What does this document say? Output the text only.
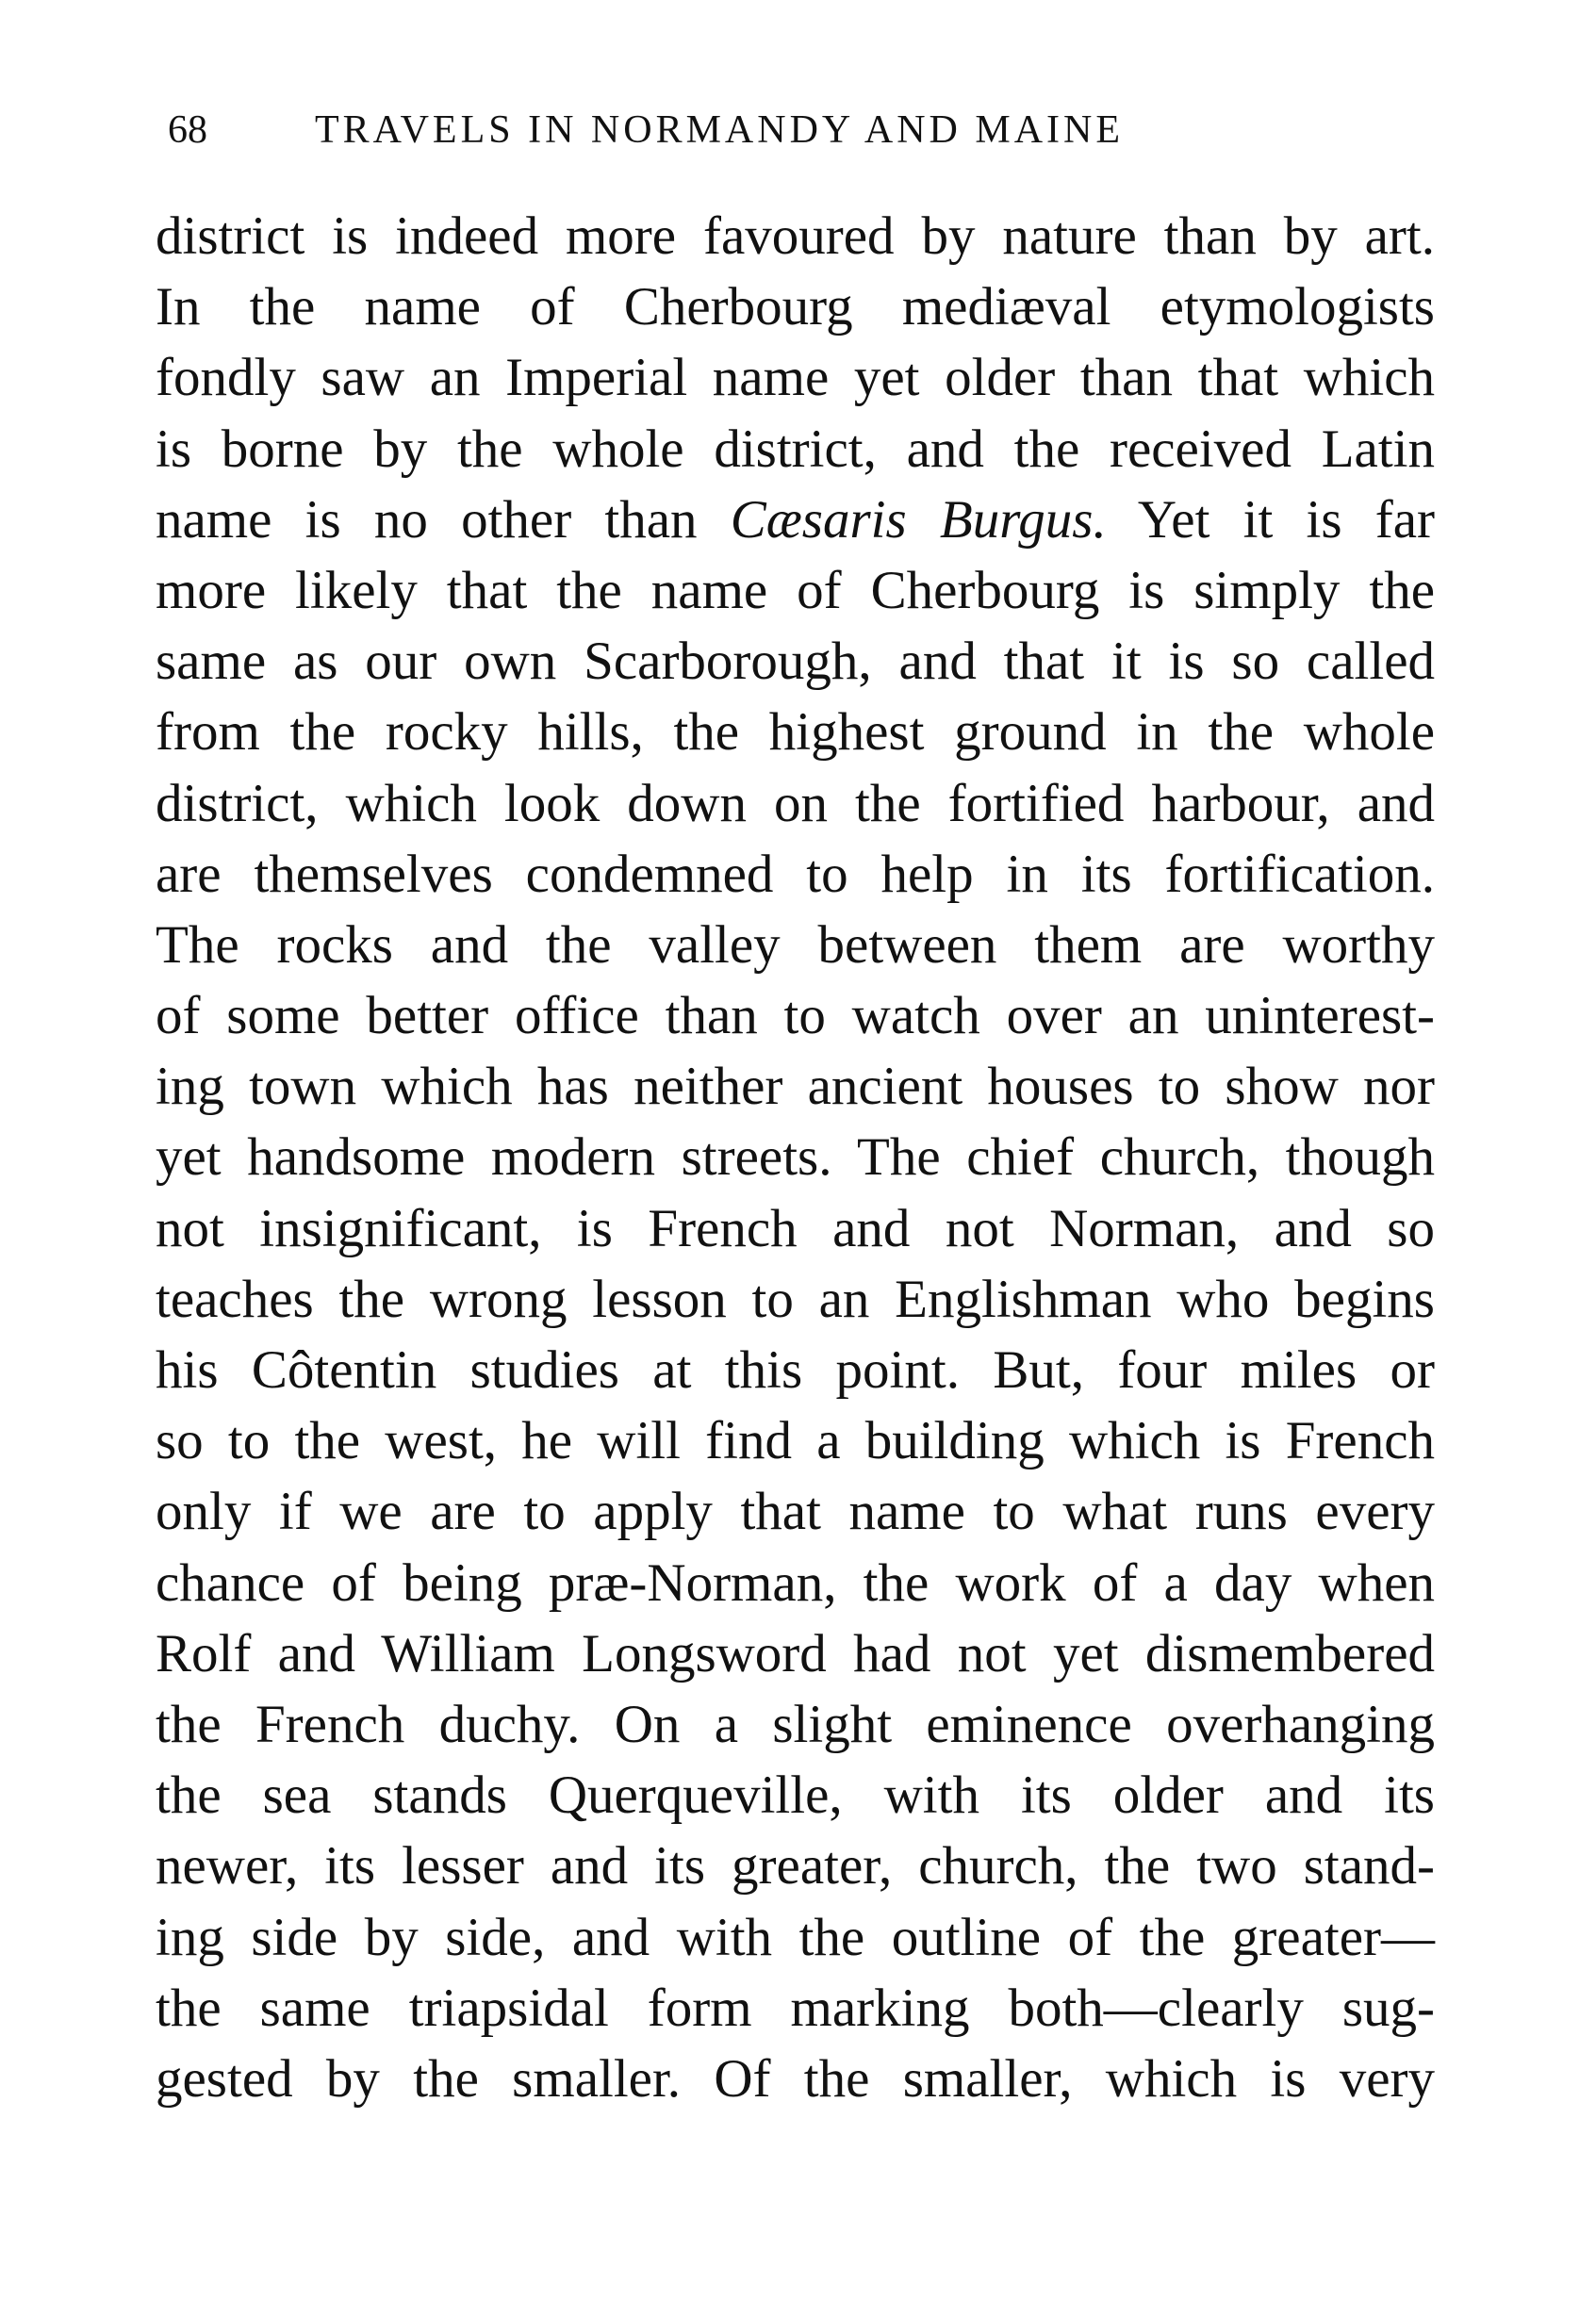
68	TRAVELS IN NORMANDY AND MAINE
district is indeed more favoured by nature than by art.
In the name of Cherbourg mediæval etymologists
fondly saw an Imperial name yet older than that which
is borne by the whole district, and the received Latin
name is no other than Cæsaris Burgus. Yet it is far
more likely that the name of Cherbourg is simply the
same as our own Scarborough, and that it is so called
from the rocky hills, the highest ground in the whole
district, which look down on the fortified harbour, and
are themselves condemned to help in its fortification.
The rocks and the valley between them are worthy
of some better office than to watch over an uninterest-
ing town which has neither ancient houses to show nor
yet handsome modern streets. The chief church, though
not insignificant, is French and not Norman, and so
teaches the wrong lesson to an Englishman who begins
his Côtentin studies at this point. But, four miles or
so to the west, he will find a building which is French
only if we are to apply that name to what runs every
chance of being præ-Norman, the work of a day when
Rolf and William Longsword had not yet dismembered
the French duchy. On a slight eminence overhanging
the sea stands Querqueville, with its older and its
newer, its lesser and its greater, church, the two stand-
ing side by side, and with the outline of the greater—
the same triapsidal form marking both—clearly sug-
gested by the smaller. Of the smaller, which is very
